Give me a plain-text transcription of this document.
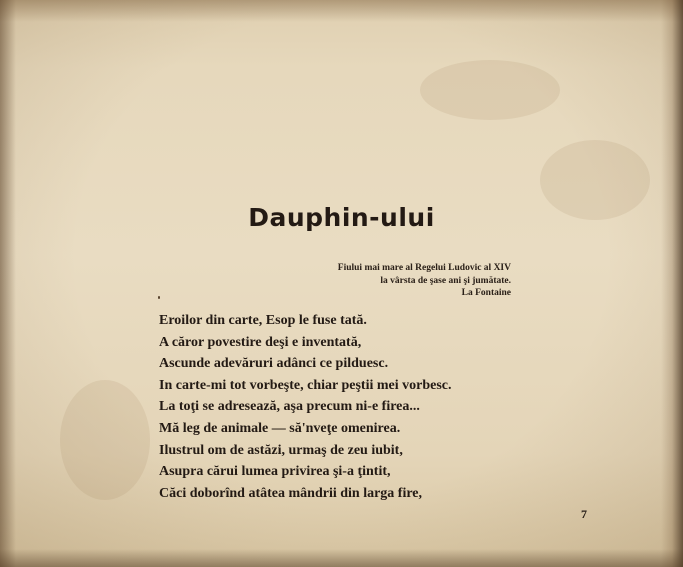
Dauphin-ului
Fiului mai mare al Regelui Ludovic al XIV
la vârsta de şase ani şi jumătate.
La Fontaine
Eroilor din carte, Esop le fuse tată.
A căror povestire deşi e inventată,
Ascunde adevăruri adânci ce pilduesc.
In carte-mi tot vorbeşte, chiar peştii mei vorbesc.
La toţi se adresează, aşa precum ni-e firea...
Mă leg de animale — să'nveţe omenirea.
Ilustrul om de astăzi, urmaş de zeu iubit,
Asupra cărui lumea privirea şi-a ţintit,
Căci doborînd atâtea mândrii din larga fire,
7
